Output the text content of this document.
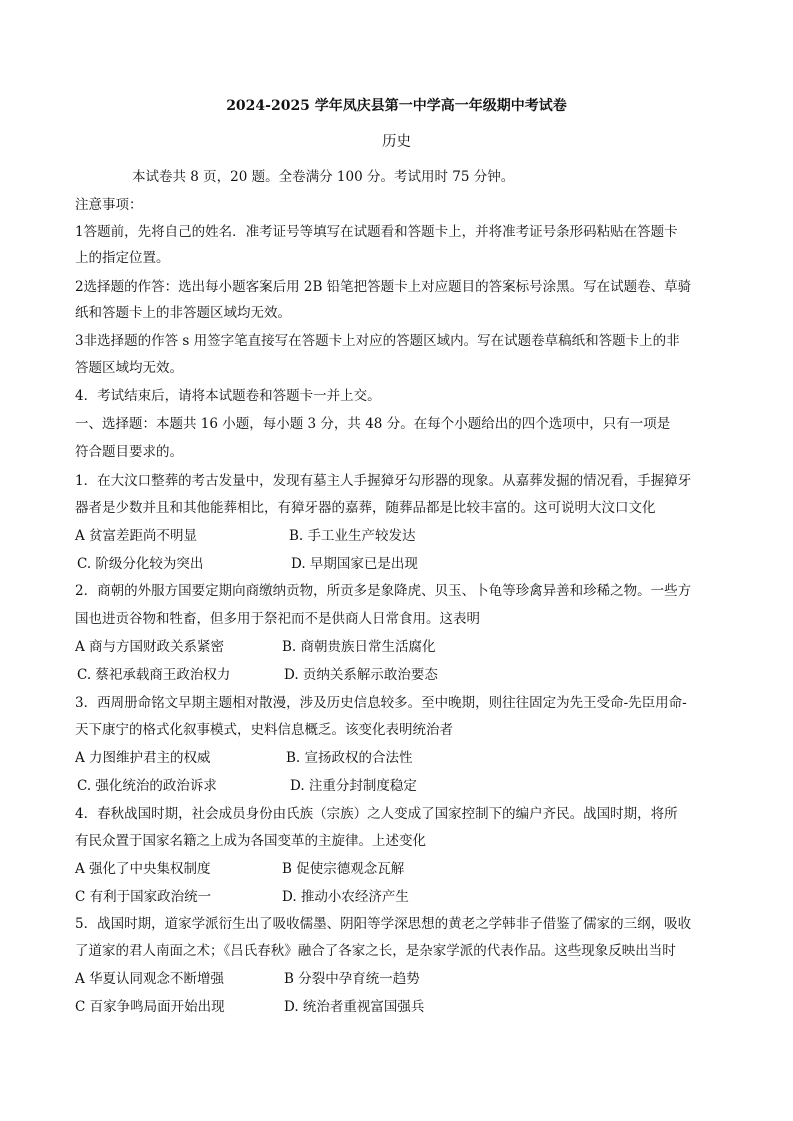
2024-2025 学年凤庆县第一中学高一年级期中考试卷
历史
本试卷共 8 页，20 题。全卷满分 100 分。考试用时 75 分钟。
注意事项：
1答题前，先将自己的姓名．准考证号等填写在试题看和答题卡上，并将准考证号条形码粘贴在答题卡
上的指定位置。
2选择题的作答：选出每小题客案后用 2B 铅笔把答题卡上对应题目的答案标号涂黑。写在试题卷、草骑
纸和答题卡上的非答题区域均无效。
3非选择题的作答 s 用签字笔直接写在答题卡上对应的答题区域内。写在试题卷草稿纸和答题卡上的非
答题区域均无效。
4．考试结束后，请将本试题卷和答题卡一并上交。
一、选择题：本题共 16 小题，每小题 3 分，共 48 分。在每个小题给出的四个选项中，只有一项是
符合题目要求的。
1．在大汶口整葬的考古发量中，发现有墓主人手握獐牙勾形器的现象。从嘉葬发掘的情况看，手握獐牙
器者是少数并且和其他能葬相比，有獐牙器的嘉葬，随葬品都是比较丰富的。这可说明大汶口文化
A 贫富差距尚不明显	B. 手工业生产较发达
C. 阶级分化较为突出	D. 早期国家已是出现
2．商朝的外服方国要定期向商缴纳贡物，所贡多是象降虎、贝玉、卜龟等珍禽异善和珍稀之物。一些方
国也进贡谷物和牲畜，但多用于祭祀而不是供商人日常食用。这表明
A 商与方国财政关系紧密	B. 商朝贵族日常生活腐化
C. 蔡祀承载商王政治权力	D. 贡纳关系解示敢治要态
3．西周册命铭文早期主题相对散漫，涉及历史信息较多。至中晚期，则往往固定为先王受命-先臣用命-
天下康宁的格式化叙事模式，史料信息概乏。该变化表明统治者
A 力图维护君主的权威	B. 宣扬政权的合法性
C. 强化统治的政治诉求	D. 注重分封制度稳定
4．春秋战国时期，社会成员身份由氏族（宗族）之人变成了国家控制下的编户齐民。战国时期，将所
有民众置于国家名籍之上成为各国变革的主旋律。上述变化
A 强化了中央集权制度	B 促使宗德观念瓦解
C 有利于国家政治统一	D. 推动小农经济产生
5．战国时期，道家学派衍生出了吸收儒墨、阴阳等学深思想的黄老之学韩非子借鉴了儒家的三纲，吸收
了道家的君人南面之术；《吕氏春秋》融合了各家之长，是杂家学派的代表作品。这些现象反映出当时
A 华夏认同观念不断增强	B 分裂中孕育统一趋势
C 百家争鸣局面开始出现	D. 统治者重视富国强兵
